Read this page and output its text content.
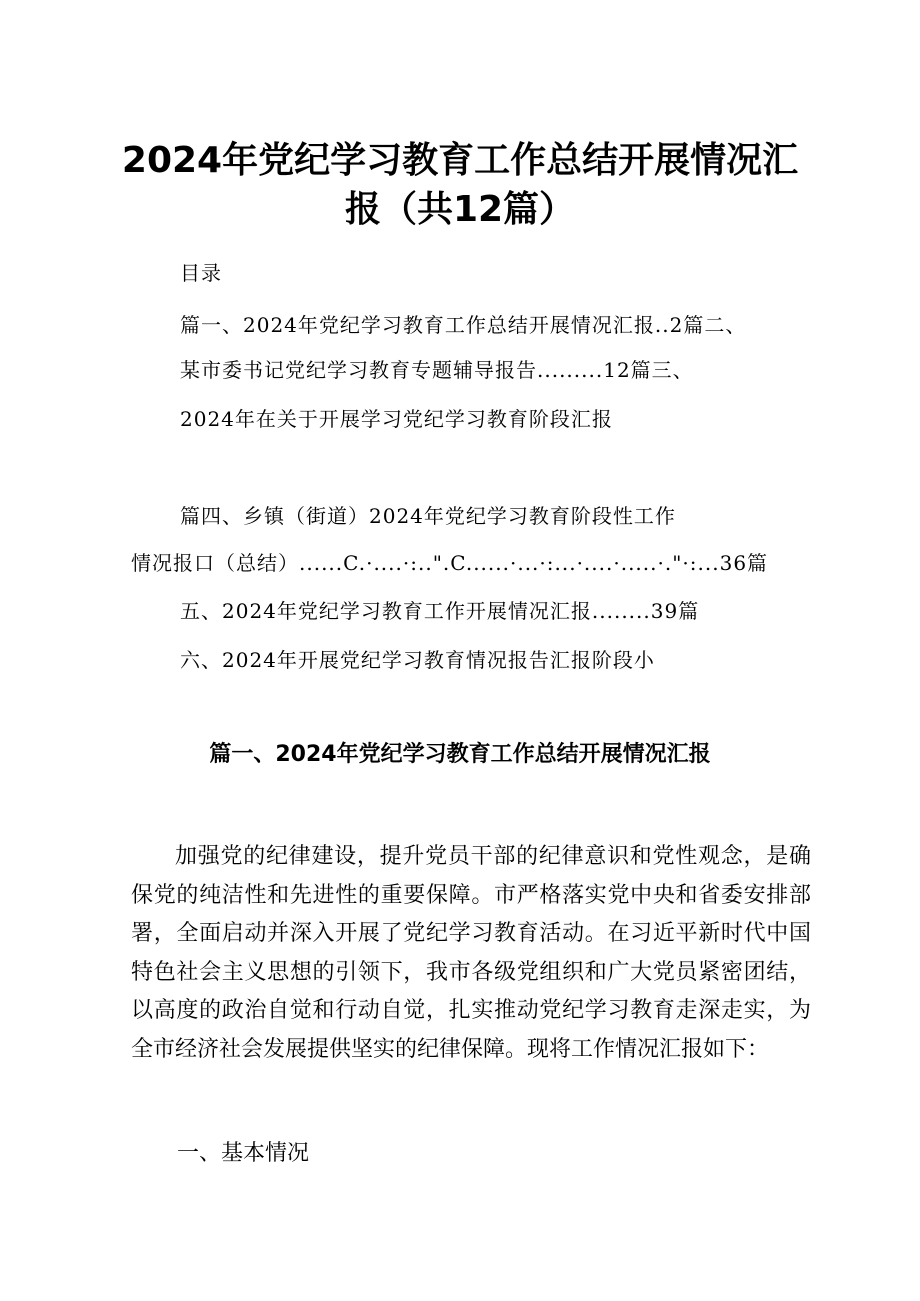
2024年党纪学习教育工作总结开展情况汇
报（共12篇）
目录
篇一、2024年党纪学习教育工作总结开展情况汇报..2篇二、
某市委书记党纪学习教育专题辅导报告.........12篇三、
2024年在关于开展学习党纪学习教育阶段汇报
篇四、乡镇（街道）2024年党纪学习教育阶段性工作
情况报口（总结）......C.·....·:..".C......·...·:...·....·.....·."·:...36篇
五、2024年党纪学习教育工作开展情况汇报........39篇
六、2024年开展党纪学习教育情况报告汇报阶段小
篇一、2024年党纪学习教育工作总结开展情况汇报

加强党的纪律建设，提升党员干部的纪律意识和党性观念，是确保党的纯洁性和先进性的重要保障。市严格落实党中央和省委安排部署，全面启动并深入开展了党纪学习教育活动。在习近平新时代中国特色社会主义思想的引领下，我市各级党组织和广大党员紧密团结，以高度的政治自觉和行动自觉，扎实推动党纪学习教育走深走实，为全市经济社会发展提供坚实的纪律保障。现将工作情况汇报如下：

一、基本情况
